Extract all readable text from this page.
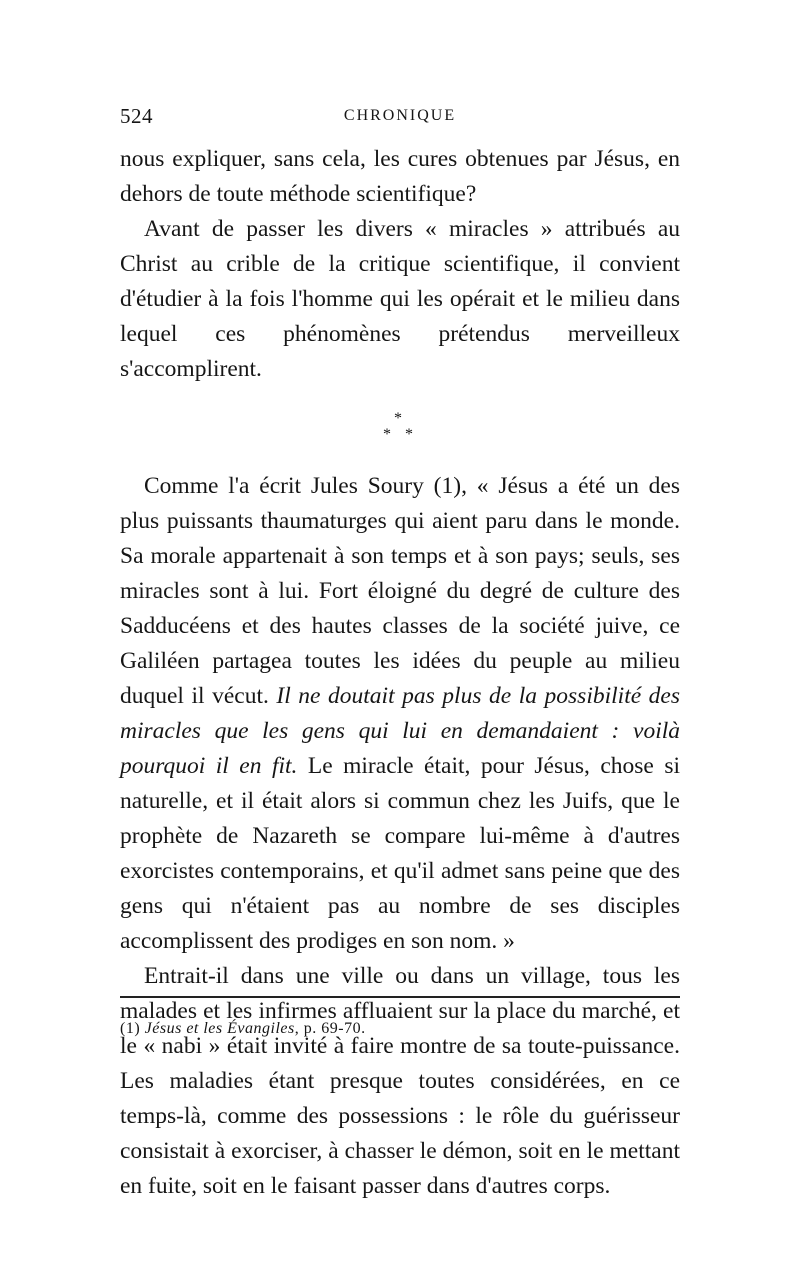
524	CHRONIQUE

nous expliquer, sans cela, les cures obtenues par Jésus, en dehors de toute méthode scientifique?

Avant de passer les divers « miracles » attribués au Christ au crible de la critique scientifique, il convient d'étudier à la fois l'homme qui les opérait et le milieu dans lequel ces phénomènes prétendus merveilleux s'accomplirent.

*
* *

Comme l'a écrit Jules Soury (1), « Jésus a été un des plus puissants thaumaturges qui aient paru dans le monde. Sa morale appartenait à son temps et à son pays; seuls, ses miracles sont à lui. Fort éloigné du degré de culture des Sadducéens et des hautes classes de la société juive, ce Galiléen partagea toutes les idées du peuple au milieu duquel il vécut. Il ne doutait pas plus de la possibilité des miracles que les gens qui lui en demandaient : voilà pourquoi il en fit. Le miracle était, pour Jésus, chose si naturelle, et il était alors si commun chez les Juifs, que le prophète de Nazareth se compare lui-même à d'autres exorcistes contemporains, et qu'il admet sans peine que des gens qui n'étaient pas au nombre de ses disciples accomplissent des prodiges en son nom. »

Entrait-il dans une ville ou dans un village, tous les malades et les infirmes affluaient sur la place du marché, et le « nabi » était invité à faire montre de sa toute-puissance. Les maladies étant presque toutes considérées, en ce temps-là, comme des possessions : le rôle du guérisseur consistait à exorciser, à chasser le démon, soit en le mettant en fuite, soit en le faisant passer dans d'autres corps.

(1) Jésus et les Évangiles, p. 69-70.
